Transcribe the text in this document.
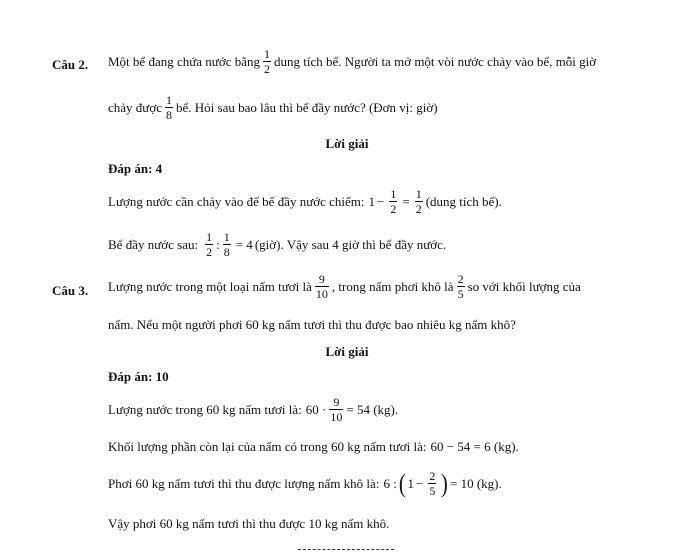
Câu 2. Một bể đang chứa nước bằng $\frac{1}{2}$ dung tích bể. Người ta mở một vòi nước chảy vào bể, mỗi giờ
chảy được $\frac{1}{8}$ bể. Hỏi sau bao lâu thì bể đầy nước? (Đơn vị: giờ)
Lời giải
Đáp án: 4
Lượng nước cần chảy vào để bể đầy nước chiếm: $1 - \frac{1}{2} = \frac{1}{2}$ (dung tích bể).
Bể đầy nước sau: $\frac{1}{2}$ : $\frac{1}{8} = 4$ (giờ). Vậy sau 4 giờ thì bể đầy nước.
Câu 3. Lượng nước trong một loại nấm tươi là $\frac{9}{10}$ , trong nấm phơi khô là $\frac{2}{5}$ so với khối lượng của
nấm. Nếu một người phơi 60 kg nấm tươi thì thu được bao nhiêu kg nấm khô?
Lời giải
Đáp án: 10
Lượng nước trong 60 kg nấm tươi là: $60 \cdot \frac{9}{10} = 54$ (kg).
Khối lượng phần còn lại của nấm có trong 60 kg nấm tươi là: 60 − 54 = 6 (kg).
Phơi 60 kg nấm tươi thì thu được lượng nấm khô là: 6 : ( $1 - \frac{2}{5}$ ) = 10 (kg).
Vậy phơi 60 kg nấm tươi thì thu được 10 kg nấm khô.
